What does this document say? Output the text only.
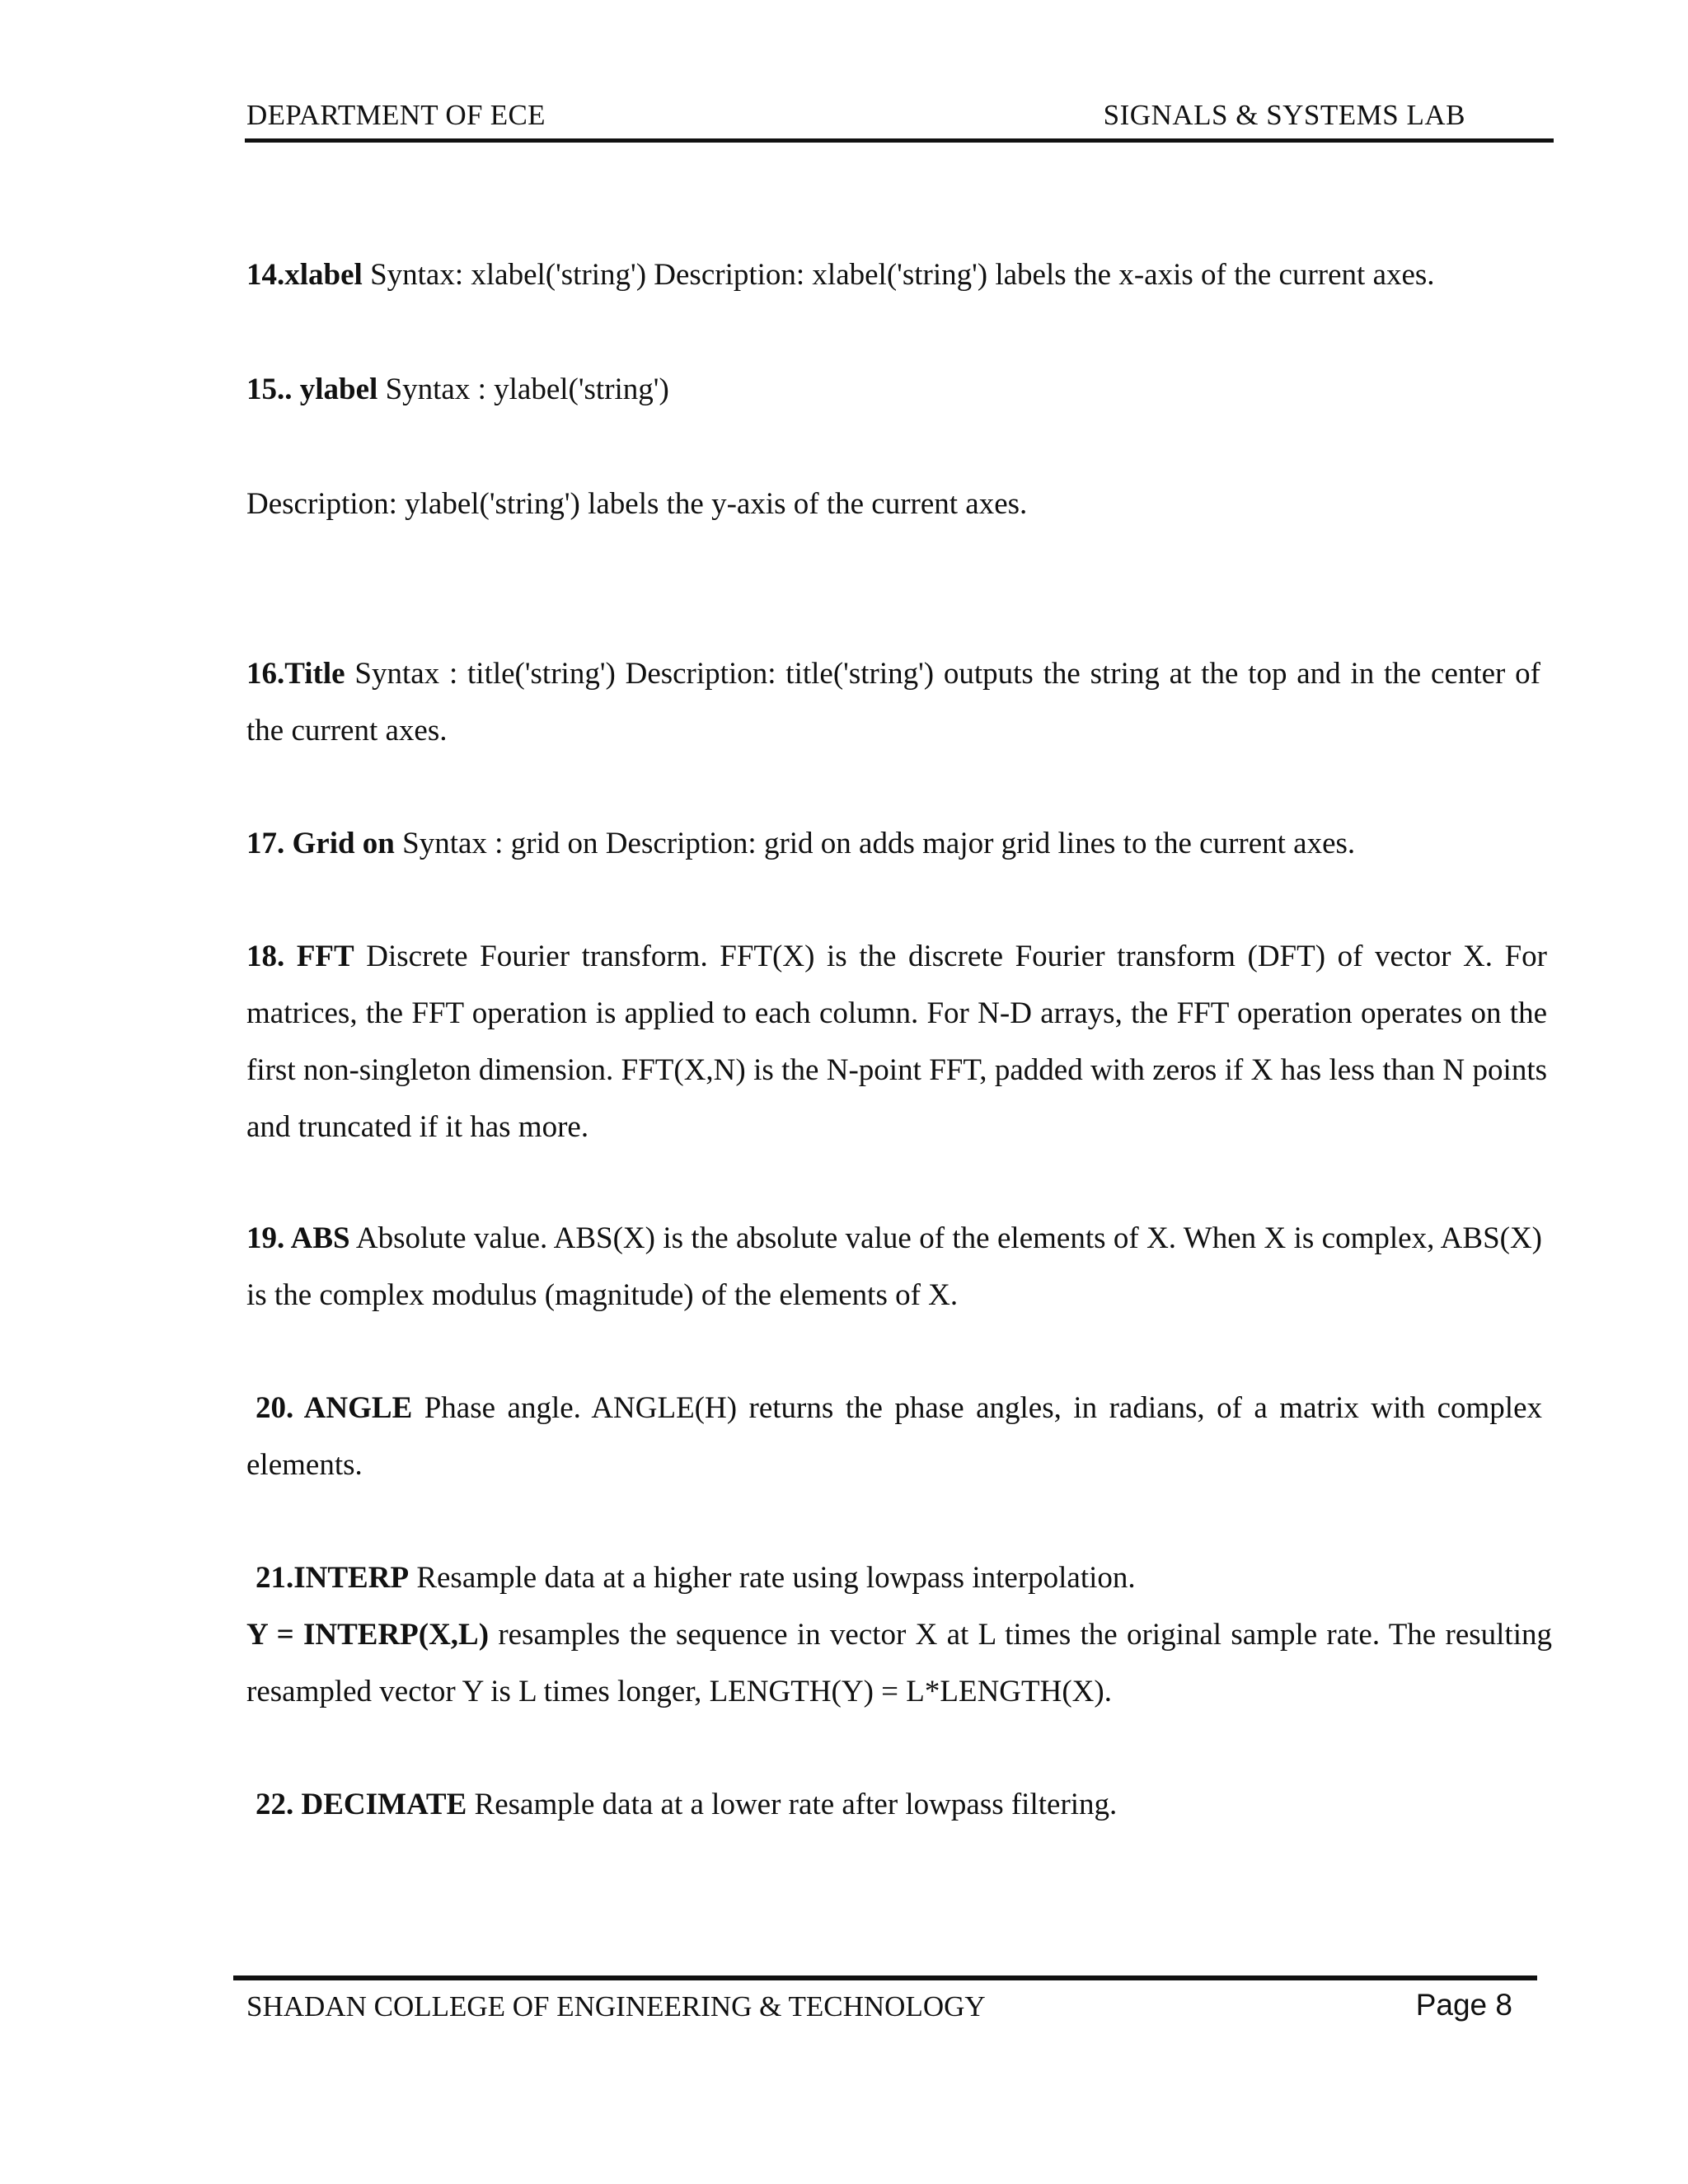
DEPARTMENT OF ECE	SIGNALS & SYSTEMS LAB

14.xlabel Syntax: xlabel('string') Description: xlabel('string') labels the x-axis of the current axes.

15.. ylabel Syntax : ylabel('string')

Description: ylabel('string') labels the y-axis of the current axes.

16.Title Syntax : title('string') Description: title('string') outputs the string at the top and in the center of the current axes.

17. Grid on Syntax : grid on Description: grid on adds major grid lines to the current axes.

18. FFT Discrete Fourier transform. FFT(X) is the discrete Fourier transform (DFT) of vector X. For matrices, the FFT operation is applied to each column. For N-D arrays, the FFT operation operates on the first non-singleton dimension. FFT(X,N) is the N-point FFT, padded with zeros if X has less than N points and truncated if it has more.

19. ABS Absolute value. ABS(X) is the absolute value of the elements of X. When X is complex, ABS(X) is the complex modulus (magnitude) of the elements of X.

20. ANGLE Phase angle. ANGLE(H) returns the phase angles, in radians, of a matrix with complex elements.

21.INTERP Resample data at a higher rate using lowpass interpolation.

Y = INTERP(X,L) resamples the sequence in vector X at L times the original sample rate. The resulting resampled vector Y is L times longer, LENGTH(Y) = L*LENGTH(X).

22. DECIMATE Resample data at a lower rate after lowpass filtering.

SHADAN COLLEGE OF ENGINEERING & TECHNOLOGY	Page 8
